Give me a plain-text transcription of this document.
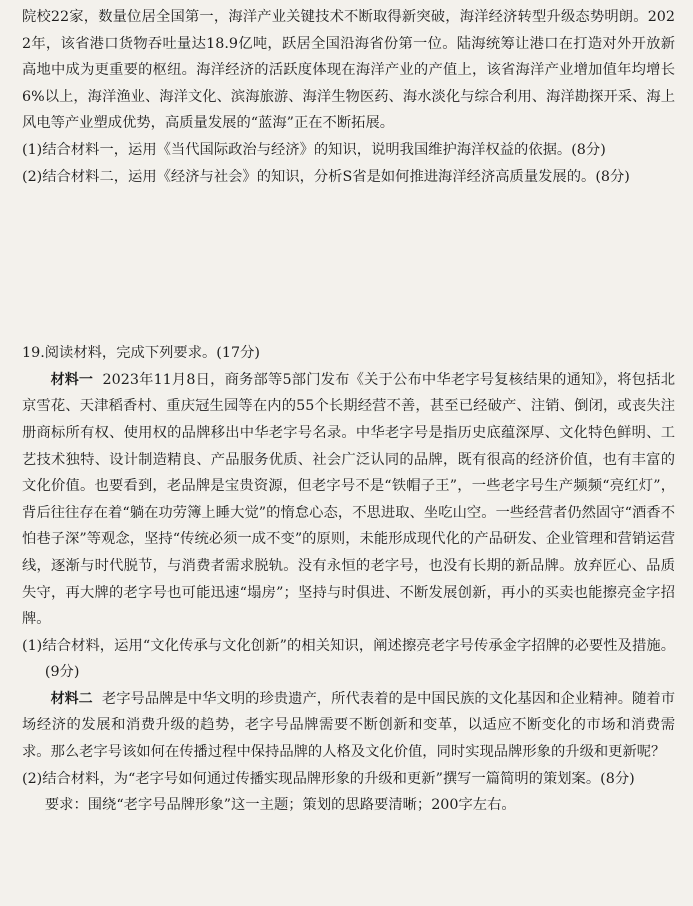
院校22家，数量位居全国第一，海洋产业关键技术不断取得新突破，海洋经济转型升级态势明朗。2022年，该省港口货物吞吐量达18.9亿吨，跃居全国沿海省份第一位。陆海统筹让港口在打造对外开放新高地中成为更重要的枢纽。海洋经济的活跃度体现在海洋产业的产值上，该省海洋产业增加值年均增长6%以上，海洋渔业、海洋文化、滨海旅游、海洋生物医药、海水淡化与综合利用、海洋勘探开采、海上风电等产业塑成优势，高质量发展的“蓝海”正在不断拓展。

(1)结合材料一，运用《当代国际政治与经济》的知识，说明我国维护海洋权益的依据。(8分)

(2)结合材料二，运用《经济与社会》的知识，分析S省是如何推进海洋经济高质量发展的。(8分)

19.阅读材料，完成下列要求。(17分)

材料一 2023年11月8日，商务部等5部门发布《关于公布中华老字号复核结果的通知》，将包括北京雪花、天津稻香村、重庆冠生园等在内的55个长期经营不善，甚至已经破产、注销、倒闭，或丧失注册商标所有权、使用权的品牌移出中华老字号名录。中华老字号是指历史底蕴深厚、文化特色鲜明、工艺技术独特、设计制造精良、产品服务优质、社会广泛认同的品牌，既有很高的经济价值，也有丰富的文化价值。也要看到，老品牌是宝贵资源，但老字号不是“铁帽子王”，一些老字号生产频频“亮红灯”，背后往往存在着“躺在功劳簿上睡大觉”的惰怠心态，不思进取、坐吃山空。一些经营者仍然固守“酒香不怕巷子深”等观念，坚持“传统必须一成不变”的原则，未能形成现代化的产品研发、企业管理和营销运营线，逐渐与时代脱节，与消费者需求脱轨。没有永恒的老字号，也没有长期的新品牌。放弃匠心、品质失守，再大牌的老字号也可能迅速“塌房”；坚持与时俱进、不断发展创新，再小的买卖也能擦亮金字招牌。

(1)结合材料，运用“文化传承与文化创新”的相关知识，阐述擦亮老字号传承金字招牌的必要性及措施。(9分)

材料二 老字号品牌是中华文明的珍贵遗产，所代表着的是中国民族的文化基因和企业精神。随着市场经济的发展和消费升级的趋势，老字号品牌需要不断创新和变革，以适应不断变化的市场和消费需求。那么老字号该如何在传播过程中保持品牌的人格及文化价值，同时实现品牌形象的升级和更新呢？

(2)结合材料，为“老字号如何通过传播实现品牌形象的升级和更新”撰写一篇简明的策划案。(8分)

要求：围绕“老字号品牌形象”这一主题；策划的思路要清晰；200字左右。
